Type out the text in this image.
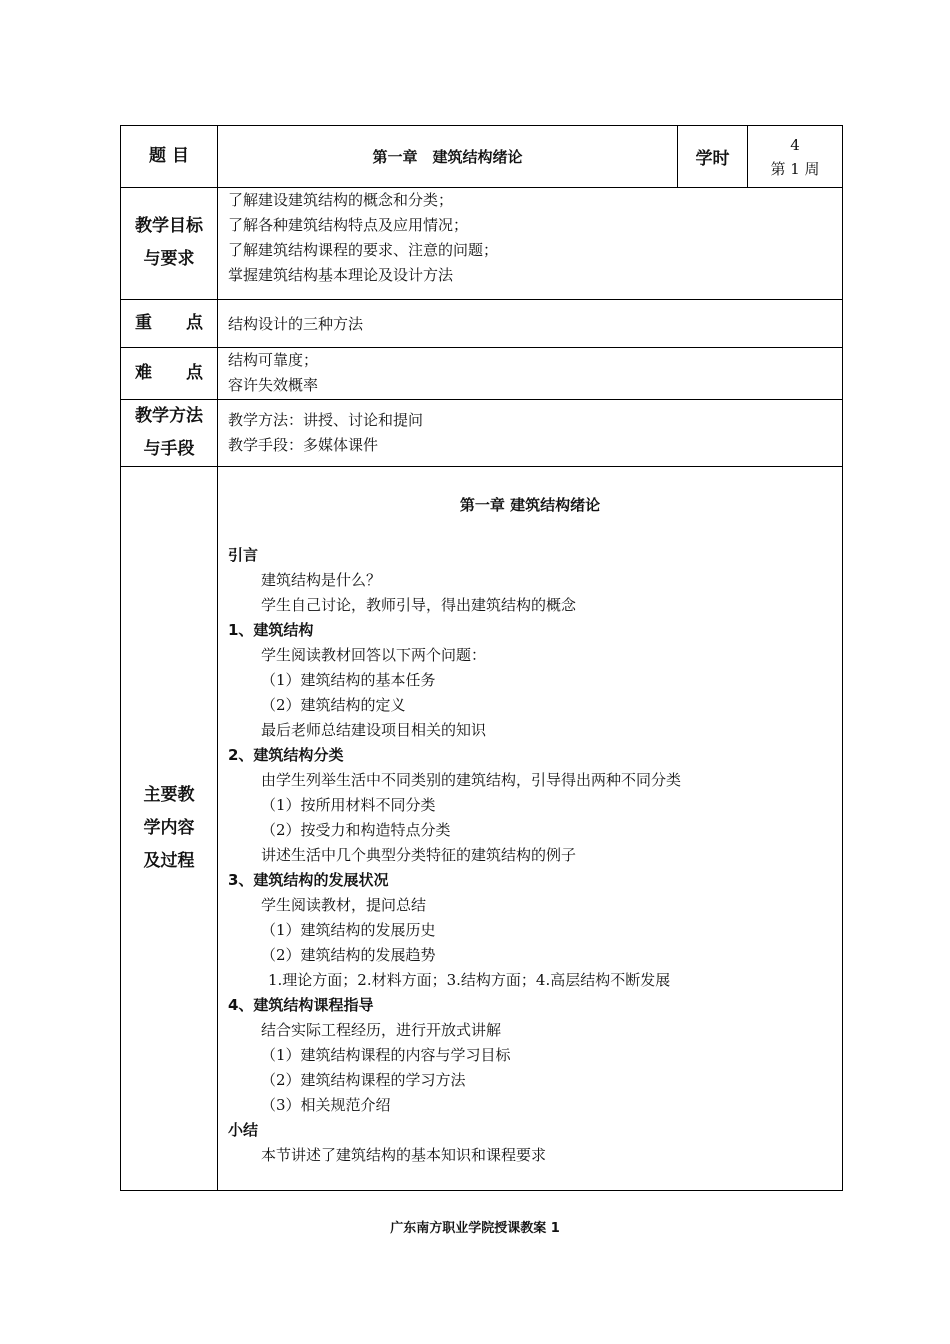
题 目	第一章　建筑结构绪论	学时
4
第 1 周
教学目标
与要求
了解建设建筑结构的概念和分类；
了解各种建筑结构特点及应用情况；
了解建筑结构课程的要求、注意的问题；
掌握建筑结构基本理论及设计方法
重　　点 结构设计的三种方法
难　　点
结构可靠度；
容许失效概率
教学方法
与手段
教学方法：讲授、讨论和提问
教学手段：多媒体课件
主要教
学内容
及过程
第一章 建筑结构绪论
引言
建筑结构是什么？
学生自己讨论，教师引导，得出建筑结构的概念
1、建筑结构
学生阅读教材回答以下两个问题：
（1）建筑结构的基本任务
（2）建筑结构的定义
最后老师总结建设项目相关的知识
2、建筑结构分类
由学生列举生活中不同类别的建筑结构，引导得出两种不同分类
（1）按所用材料不同分类
（2）按受力和构造特点分类
讲述生活中几个典型分类特征的建筑结构的例子
3、建筑结构的发展状况
学生阅读教材，提问总结
（1）建筑结构的发展历史
（2）建筑结构的发展趋势
1.理论方面；2.材料方面；3.结构方面；4.高层结构不断发展
4、建筑结构课程指导
结合实际工程经历，进行开放式讲解
（1）建筑结构课程的内容与学习目标
（2）建筑结构课程的学习方法
（3）相关规范介绍
小结
本节讲述了建筑结构的基本知识和课程要求
广东南方职业学院授课教案 1
